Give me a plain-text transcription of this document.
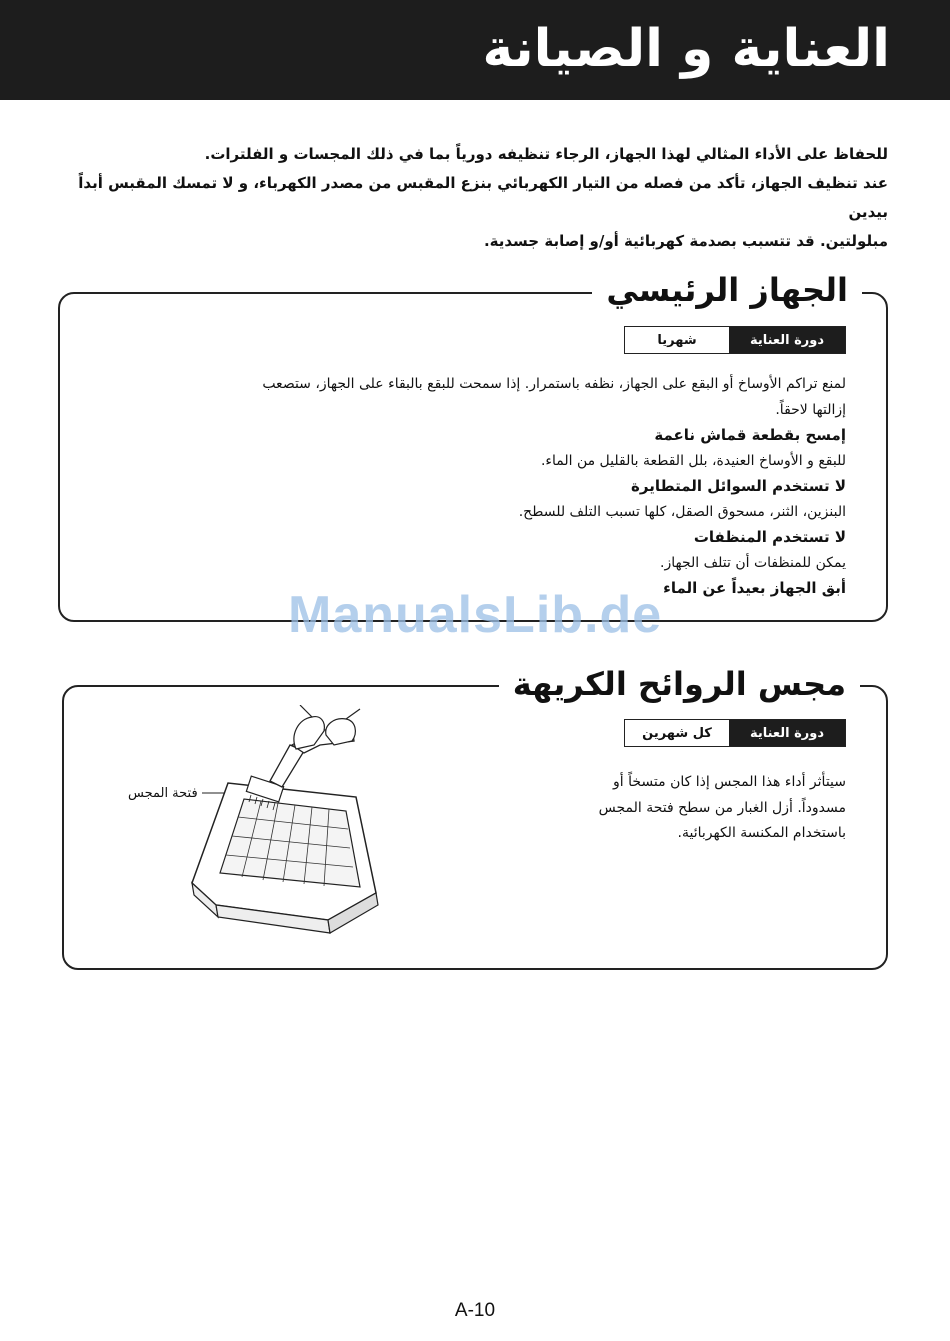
العناية و الصيانة

للحفاظ على الأداء المثالي لهذا الجهاز، الرجاء تنظيفه دورياً بما في ذلك المجسات و الفلترات.

عند تنظيف الجهاز، تأكد من فصله من التيار الكهربائي بنزع المقبس من مصدر الكهرباء، و لا تمسك المقبس أبداً بيدين

مبلولتين. قد تتسبب بصدمة كهربائية أو/و إصابة جسدية.

الجهاز الرئيسي
دورة العناية
شهريا

لمنع تراكم الأوساخ أو البقع على الجهاز، نظفه باستمرار. إذا سمحت للبقع بالبقاء على الجهاز، ستصعب

إزالتها لاحقاً.

إمسح بقطعة قماش ناعمة

للبقع و الأوساخ العنيدة، بلل القطعة بالقليل من الماء.

لا تستخدم السوائل المتطايرة

البنزين، الثنر، مسحوق الصقل، كلها تسبب التلف للسطح.

لا تستخدم المنظفات

يمكن للمنظفات أن تتلف الجهاز.

أبق الجهاز بعيداً عن الماء

ManualsLib.de
مجس الروائح الكريهة
دورة العناية
كل شهرين

سيتأثر أداء هذا المجس إذا كان متسخاً أو

مسدوداً. أزل الغبار من سطح فتحة المجس

باستخدام المكنسة الكهربائية.

فتحة المجس
A-10
